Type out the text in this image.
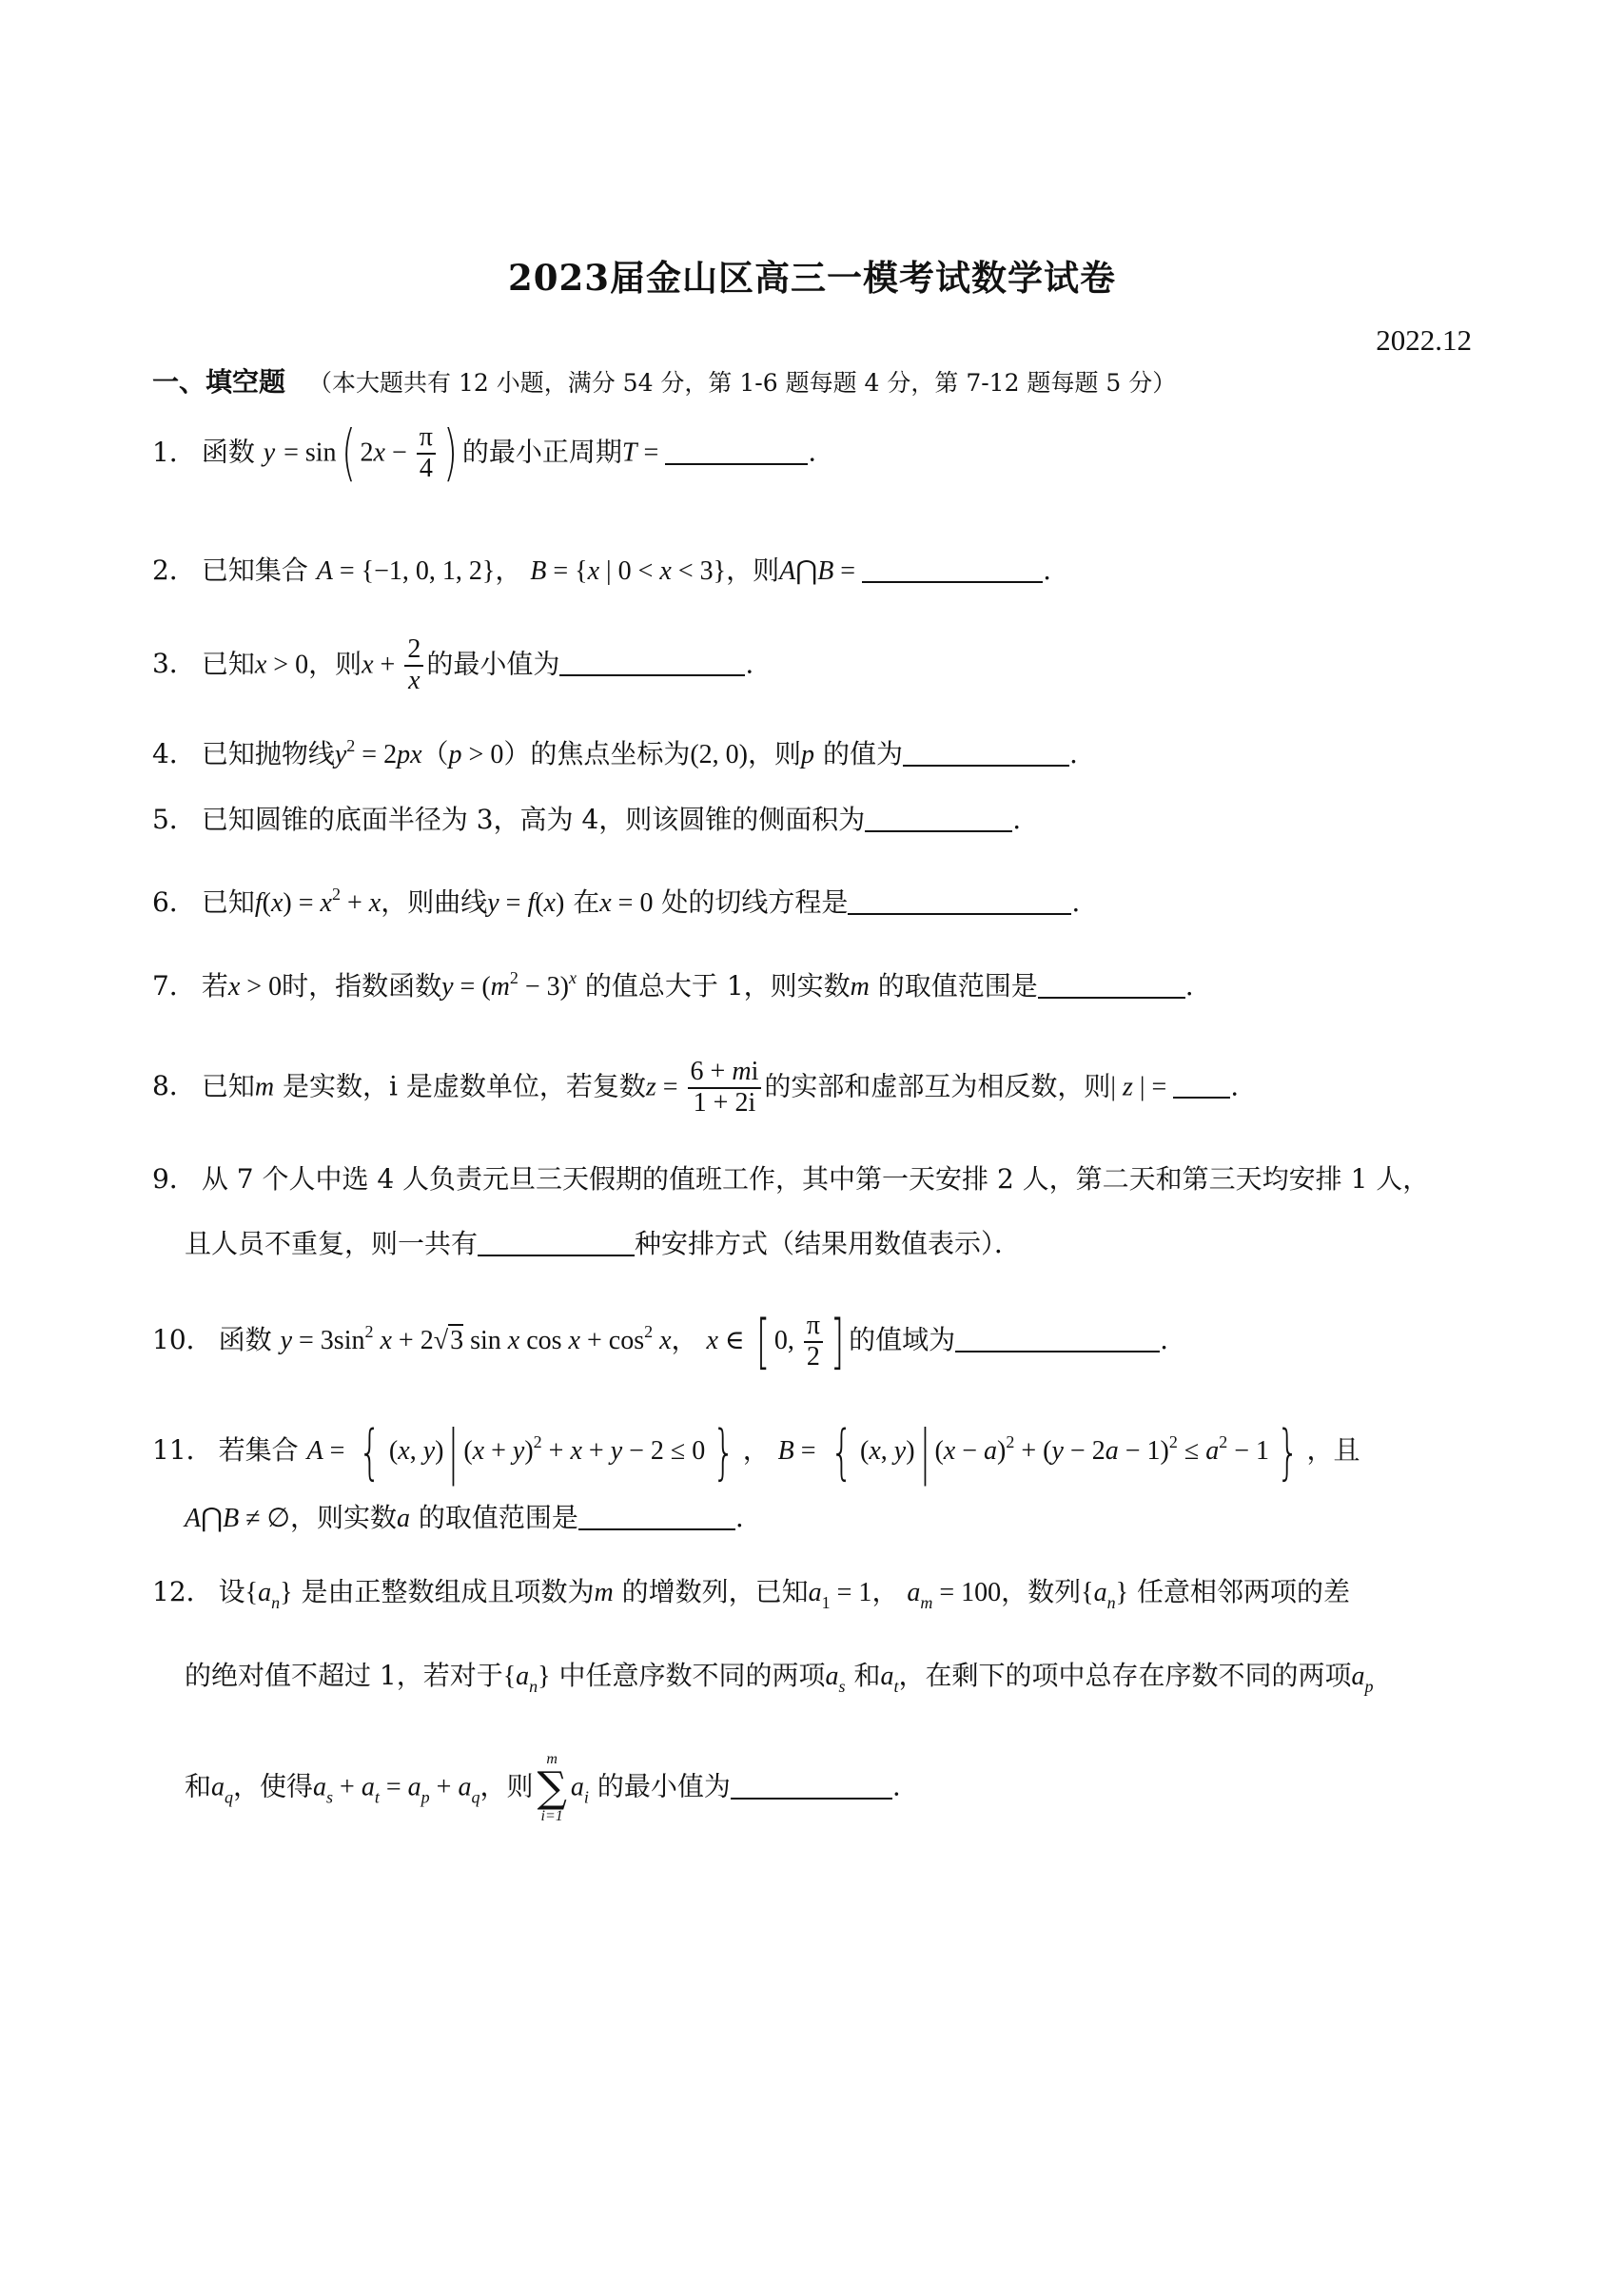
2023届金山区高三一模考试数学试卷
2022.12
一、填空题 （本大题共有 12 小题，满分 54 分，第 1-6 题每题 4 分，第 7-12 题每题 5 分）
1． 函数 y = sin( $2x - \frac{\pi}{4}$ ) 的最小正周期T =	.
2． 已知集合 A = {−1, 0, 1, 2}， B = {x | 0 < x < 3}，则A⋂B =	.
3． 已知x > 0，则$x + \frac{2}{x}$ 的最小值为	.
4． 已知抛物线$y^2 = 2px(p > 0)$的焦点坐标为(2, 0)，则p 的值为	.
5． 已知圆锥的底面半径为 3，高为 4，则该圆锥的侧面积为	.
6． 已知$f(x) = x^2 + x$，则曲线y = f(x) 在x = 0 处的切线方程是	.
7． 若x > 0时，指数函数$y = (m^2 - 3)^x$ 的值总大于 1，则实数m 的取值范围是	.
8． 已知m 是实数，i 是虚数单位，若复数$z = \frac{6 + mi}{1 + 2i}$ 的实部和虚部互为相反数，则| z | = .
9． 从 7 个人中选 4 人负责元旦三天假期的值班工作，其中第一天安排 2 人，第二天和第三天均安排 1 人，
且人员不重复，则一共有	种安排方式（结果用数值表示）．
10． 函数 $y = 3\sin^2$ x + 2√3 sin x $\cos x + \cos^2 x$， x ∈ [ 0, $\frac{\pi}{2}$ ] 的值域为	.
11． 若集合 A = { (x, y)| $(x + y)^2 + x + y - 2 \le 0$ } ， B = { (x, y)| $(x - a)^2 + (y - 2a - 1)^2 \le a^2 - 1$ } ，且
A⋂B ≠ ∅，则实数a 的取值范围是	.
12． 设$\{a_n\}$ 是由正整数组成且项数为m 的增数列，已知$a_1 = 1$， $a_m = 100$，数列$\{a_n\}$ 任意相邻两项的差
的绝对值不超过 1，若对于$\{a_n\}$ 中任意序数不同的两项$a_s$ 和$a_t$，在剩下的项中总存在序数不同的两项$a_p$
和$a_q$，使得$a_s + a_t = a_p + a_q$，则
m
∑
i=1
$a_i$ 的最小值为	.
